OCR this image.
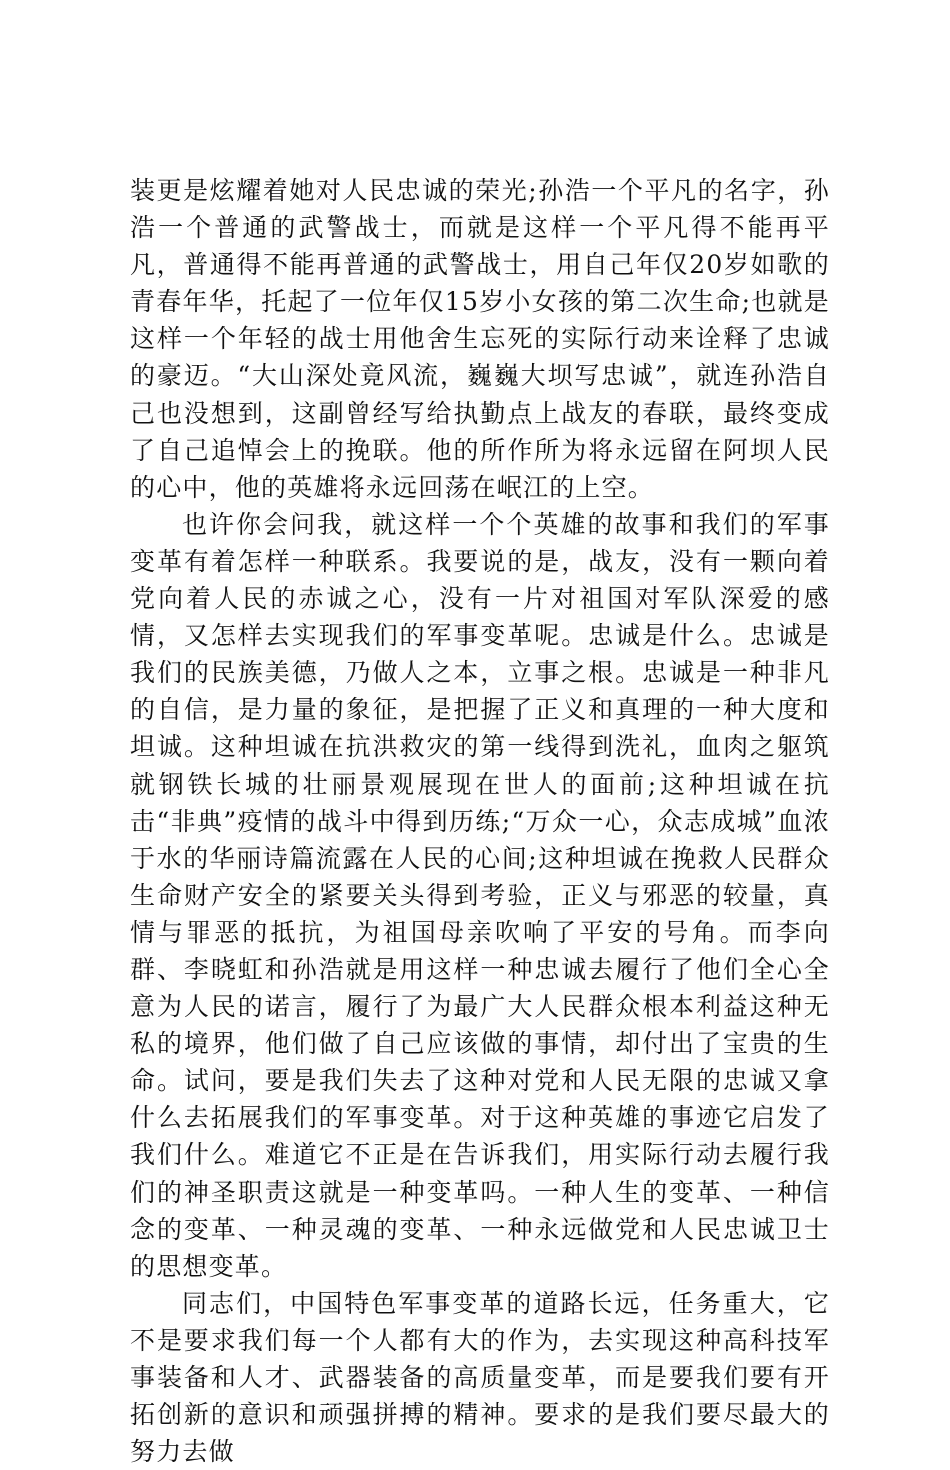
装更是炫耀着她对人民忠诚的荣光;孙浩一个平凡的名字，孙浩一个普通的武警战士，而就是这样一个平凡得不能再平凡，普通得不能再普通的武警战士，用自己年仅20岁如歌的青春年华，托起了一位年仅15岁小女孩的第二次生命;也就是这样一个年轻的战士用他舍生忘死的实际行动来诠释了忠诚的豪迈。“大山深处竟风流，巍巍大坝写忠诚”，就连孙浩自己也没想到，这副曾经写给执勤点上战友的春联，最终变成了自己追悼会上的挽联。他的所作所为将永远留在阿坝人民的心中，他的英雄将永远回荡在岷江的上空。

也许你会问我，就这样一个个英雄的故事和我们的军事变革有着怎样一种联系。我要说的是，战友，没有一颗向着党向着人民的赤诚之心，没有一片对祖国对军队深爱的感情，又怎样去实现我们的军事变革呢。忠诚是什么。忠诚是我们的民族美德，乃做人之本，立事之根。忠诚是一种非凡的自信，是力量的象征，是把握了正义和真理的一种大度和坦诚。这种坦诚在抗洪救灾的第一线得到洗礼，血肉之躯筑就钢铁长城的壮丽景观展现在世人的面前;这种坦诚在抗击“非典”疫情的战斗中得到历练;“万众一心，众志成城”血浓于水的华丽诗篇流露在人民的心间;这种坦诚在挽救人民群众生命财产安全的紧要关头得到考验，正义与邪恶的较量，真情与罪恶的抵抗，为祖国母亲吹响了平安的号角。而李向群、李晓虹和孙浩就是用这样一种忠诚去履行了他们全心全意为人民的诺言，履行了为最广大人民群众根本利益这种无私的境界，他们做了自己应该做的事情，却付出了宝贵的生命。试问，要是我们失去了这种对党和人民无限的忠诚又拿什么去拓展我们的军事变革。对于这种英雄的事迹它启发了我们什么。难道它不正是在告诉我们，用实际行动去履行我们的神圣职责这就是一种变革吗。一种人生的变革、一种信念的变革、一种灵魂的变革、一种永远做党和人民忠诚卫士的思想变革。

同志们，中国特色军事变革的道路长远，任务重大，它不是要求我们每一个人都有大的作为，去实现这种高科技军事装备和人才、武器装备的高质量变革，而是要我们要有开拓创新的意识和顽强拼搏的精神。要求的是我们要尽最大的努力去做
